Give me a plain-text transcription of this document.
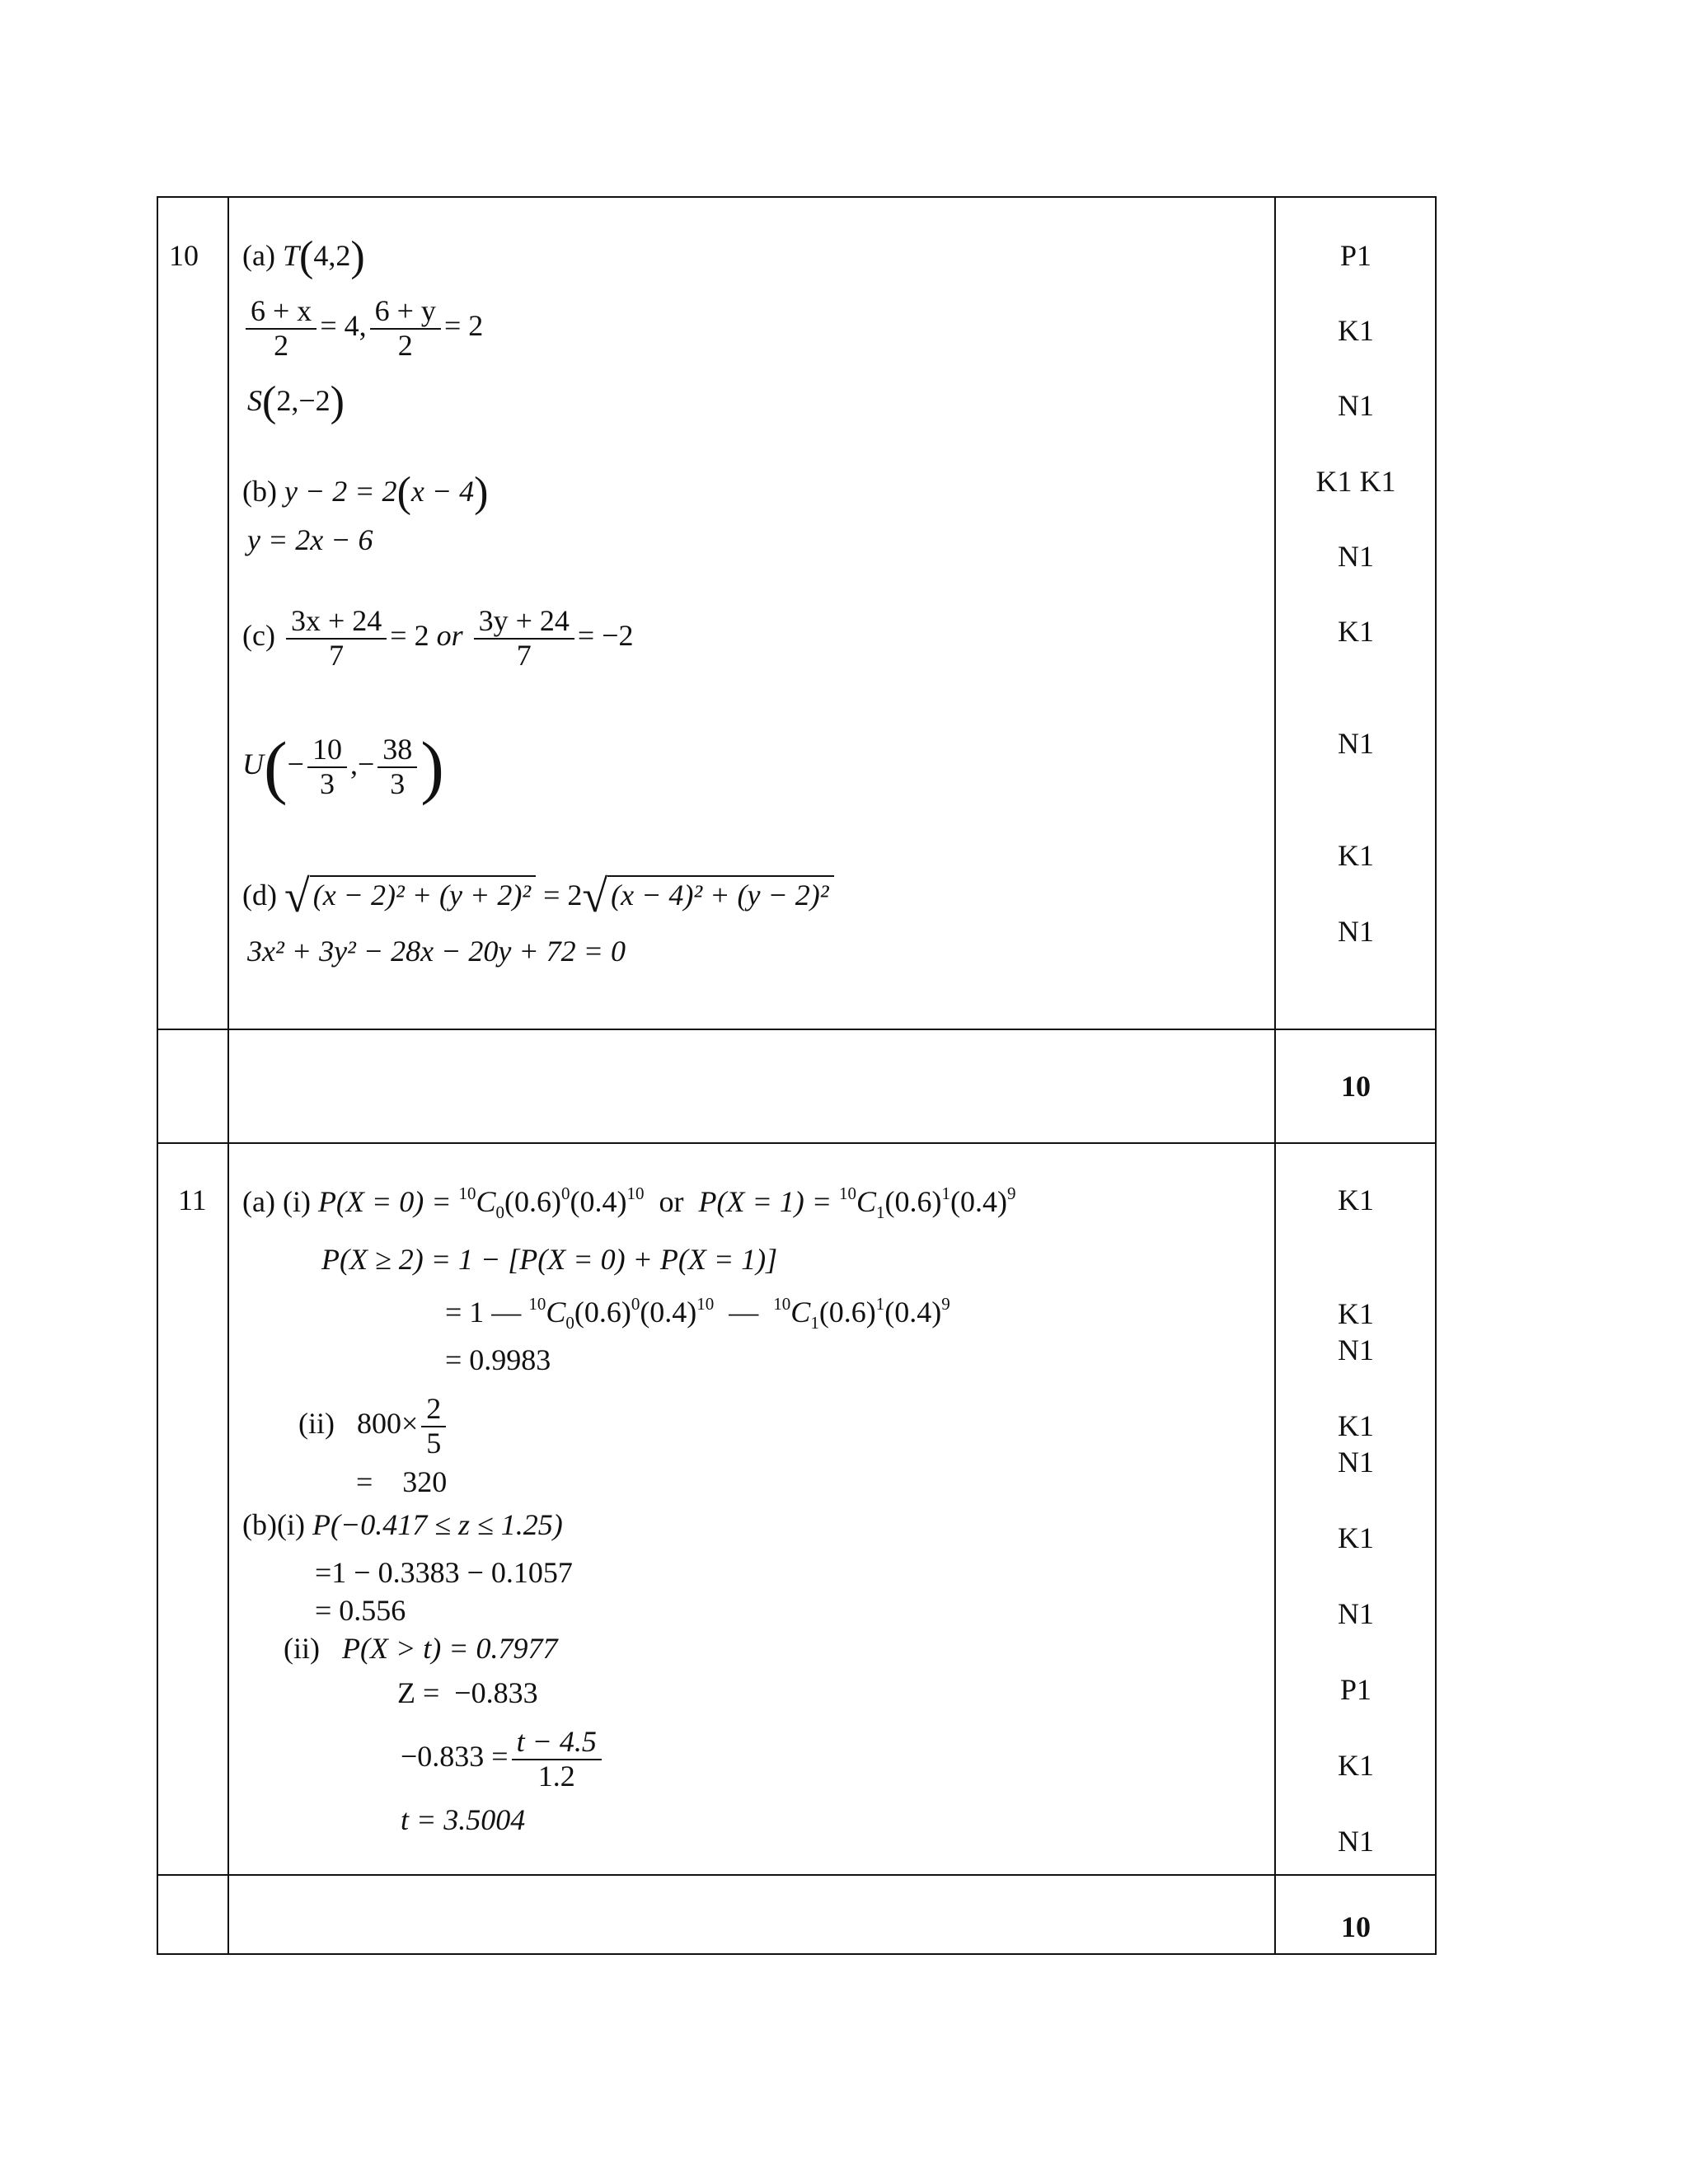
10 (a) T(4,2)
$\frac{6 + x}{2} = 4$, $\frac{6 + y}{2} = 2$
S(2,−2)
(b) y − 2 = 2(x − 4)
y = 2x − 6
$(c) \frac{3x + 24}{7} = 2$ or $\frac{3y + 24}{7} = -2$
$U(- \frac{10}{3}$ ,− $\frac{38}{3}$ )
(d) √ (x − 2)² + (y + 2)² = 2√ (x − 4)² + (y − 2)²
3x² + 3y² − 28x − 20y + 72 = 0
P1
K1
N1
K1 K1
N1
K1
N1
K1
N1
10
11 (a) (i) $P(X = 0) = ^{10}C_0(0.6)^0(0.4)^{10}$ or $P(X = 1) = ^{10}C_1(0.6)^1(0.4)^9$
P(X ≥ 2) = 1 − [P(X = 0) + P(X = 1)]
= 1 — $^{10}C_0(0.6)^0(0.4)^{10}$  —  $^{10}C_1(0.6)^1(0.4)^9$
= 0.9983
(ii) $800\times \frac{2}{5}$
=    320
(b)(i) P(−0.417 ≤ z ≤ 1.25)
=1 − 0.3383 − 0.1057
= 0.556
(ii) P(X > t) = 0.7977
Z =  −0.833
$-0.833 = \frac{t - 4.5}{1.2}$
t = 3.5004
K1
K1
N1
K1
N1
K1
N1
P1
K1
N1
10
